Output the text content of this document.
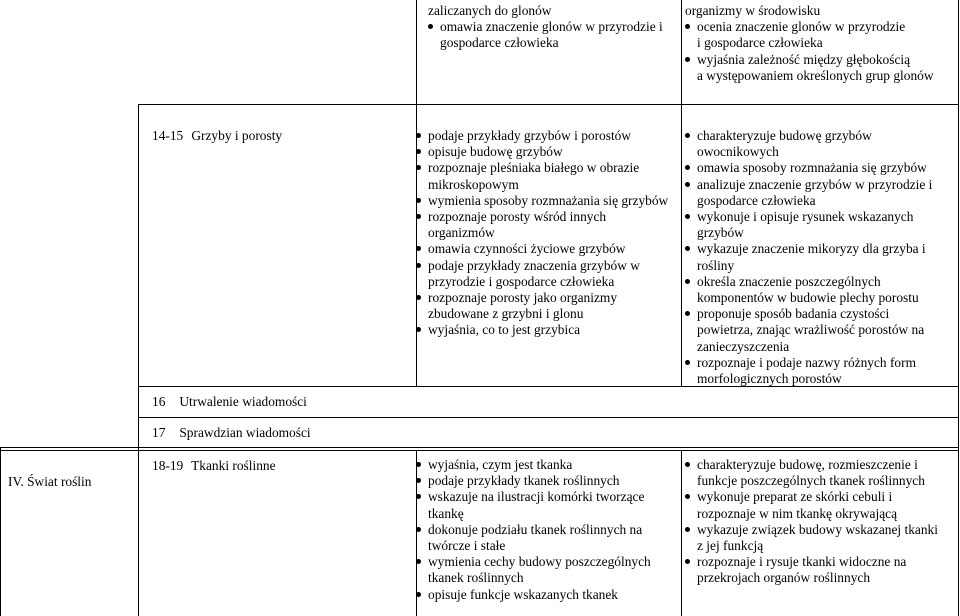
zaliczanych do glonów

omawia znaczenie glonów w przyrodzie i
gospodarce człowieka

organizmy w środowisku

ocenia znaczenie glonów w przyrodzie
i gospodarce człowieka
wyjaśnia zależność między głębokością
a występowaniem określonych grup glonów
14-15 Grzyby i porosty	podaje przykłady grzybów i porostów
opisuje budowę grzybów
rozpoznaje pleśniaka białego w obrazie
mikroskopowym
wymienia sposoby rozmnażania się grzybów
rozpoznaje porosty wśród innych
organizmów
omawia czynności życiowe grzybów
podaje przykłady znaczenia grzybów w
przyrodzie i gospodarce człowieka
rozpoznaje porosty jako organizmy
zbudowane z grzybni i glonu
wyjaśnia, co to jest grzybica
charakteryzuje budowę grzybów
owocnikowych
omawia sposoby rozmnażania się grzybów
analizuje znaczenie grzybów w przyrodzie i
gospodarce człowieka
wykonuje i opisuje rysunek wskazanych
grzybów
wykazuje znaczenie mikoryzy dla grzyba i
rośliny
określa znaczenie poszczególnych
komponentów w budowie plechy porostu
proponuje sposób badania czystości
powietrza, znając wrażliwość porostów na
zanieczyszczenia
rozpoznaje i podaje nazwy różnych form
morfologicznych porostów
16 Utrwalenie wiadomości
17 Sprawdzian wiadomości
IV. Świat roślin
18-19 Tkanki roślinne	wyjaśnia, czym jest tkanka
podaje przykłady tkanek roślinnych
wskazuje na ilustracji komórki tworzące
tkankę
dokonuje podziału tkanek roślinnych na
twórcze i stałe
wymienia cechy budowy poszczególnych
tkanek roślinnych
opisuje funkcje wskazanych tkanek
charakteryzuje budowę, rozmieszczenie i
funkcje poszczególnych tkanek roślinnych
wykonuje preparat ze skórki cebuli i
rozpoznaje w nim tkankę okrywającą
wykazuje związek budowy wskazanej tkanki
z jej funkcją
rozpoznaje i rysuje tkanki widoczne na
przekrojach organów roślinnych
